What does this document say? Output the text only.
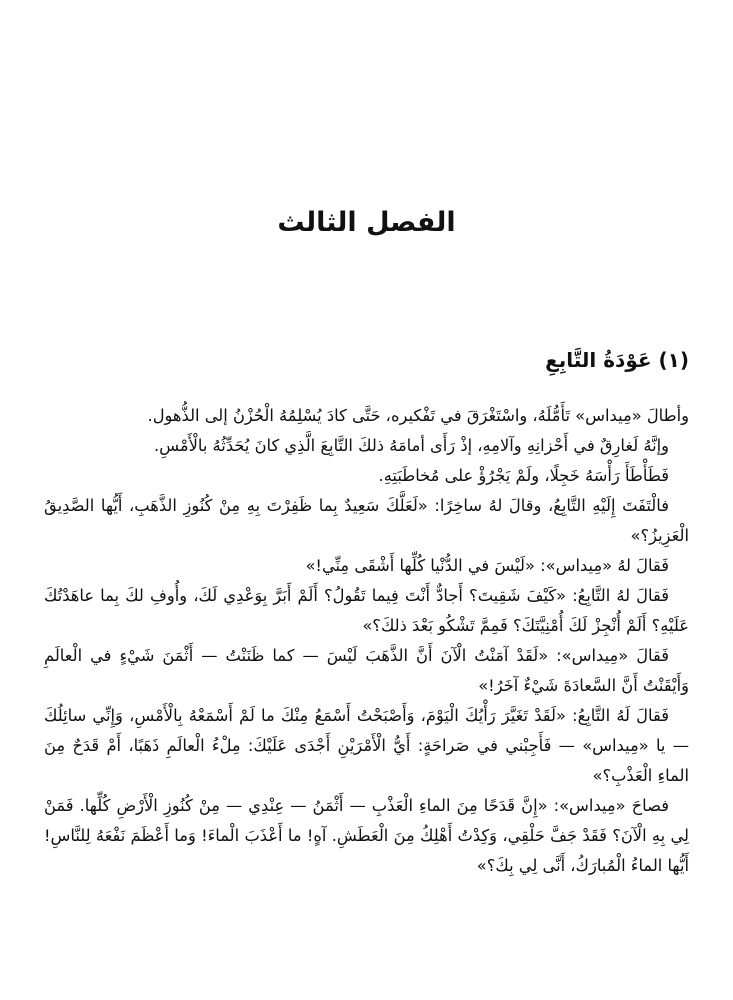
الفصل الثالث
(١) عَوْدَةُ التَّابِعِ

وأطالَ «مِيداس» تَأَمُّلَهُ، واسْتَغْرَقَ في تَفْكيره، حَتَّى كادَ يُسْلِمُهُ الْحُزْنُ إلى الذُّهول.

وإنَّهُ لَغارِقٌ في أَحْزانِهِ وآلامِهِ، إذْ رَأَى أمامَهُ ذلكَ التَّابِعَ الَّذِي كانَ يُحَدِّثُهُ بالْأَمْسِ.

فَطَأْطَأَ رَأْسَهُ خَجِلًا، ولَمْ يَجْرُؤْ على مُخاطَبَتِهِ.

فالْتَفَتَ إِلَيْهِ التَّابِعُ، وقالَ لهُ ساخِرًا: «لَعَلَّكَ سَعِيدٌ بِما ظَفِرْتَ بِهِ مِنْ كُنُوزِ الذَّهَبِ، أَيُّها الصَّدِيقُ الْعَزِيزُ؟»

فَقالَ لهُ «مِيداس»: «لَيْسَ في الدُّنْيا كُلِّها أَشْقَى مِنِّي!»

فَقالَ لهُ التَّابِعُ: «كَيْفَ شَقِيتَ؟ أَجادٌّ أَنْتَ فِيما تَقُولُ؟ أَلَمْ أَبَرَّ بِوَعْدِي لَكَ، وأُوفِ لكَ بِما عاهَدْتُكَ عَلَيْهِ؟ أَلَمْ أُنْجِزْ لَكَ أُمْنِيَّتَكَ؟ فَمِمَّ تَشْكُو بَعْدَ ذلكَ؟»

فَقالَ «مِيداس»: «لَقَدْ آمَنْتُ الْآنَ أَنَّ الذَّهَبَ لَيْسَ — كما ظَنَنْتُ — أَثْمَنَ شَيْءٍ في الْعالَمِ وَأَيْقَنْتُ أَنَّ السَّعادَةَ شَيْءٌ آخَرُ!»

فَقالَ لَهُ التَّابِعُ: «لَقَدْ تَغَيَّرَ رَأْيُكَ الْيَوْمَ، وَأَصْبَحْتُ أَسْمَعُ مِنْكَ ما لَمْ أَسْمَعْهُ بِالْأَمْسِ، وَإِنِّي سائِلُكَ — يا «مِيداس» — فَأَجِبْني في صَراحَةٍ: أَيُّ الْأَمْرَيْنِ أَجْدَى عَلَيْكَ: مِلْءُ الْعالَمِ ذَهَبًا، أَمْ قَدَحٌ مِنَ الماءِ الْعَذْبِ؟»

فصاحَ «مِيداس»: «إِنَّ قَدَحًا مِنَ الماءِ الْعَذْبِ — أَثْمَنُ — عِنْدِي — مِنْ كُنُوزِ الْأَرْضِ كُلِّها. فَمَنْ لِي بِهِ الْآنَ؟ فَقَدْ جَفَّ حَلْقِي، وَكِدْتُ أَهْلِكُ مِنَ الْعَطَشِ. آهٍ! ما أَعْذَبَ الْماءَ! وَما أَعْظَمَ نَفْعَهُ لِلنَّاسِ! أَيُّها الماءُ الْمُبارَكُ، أَنَّى لِي بِكَ؟»
